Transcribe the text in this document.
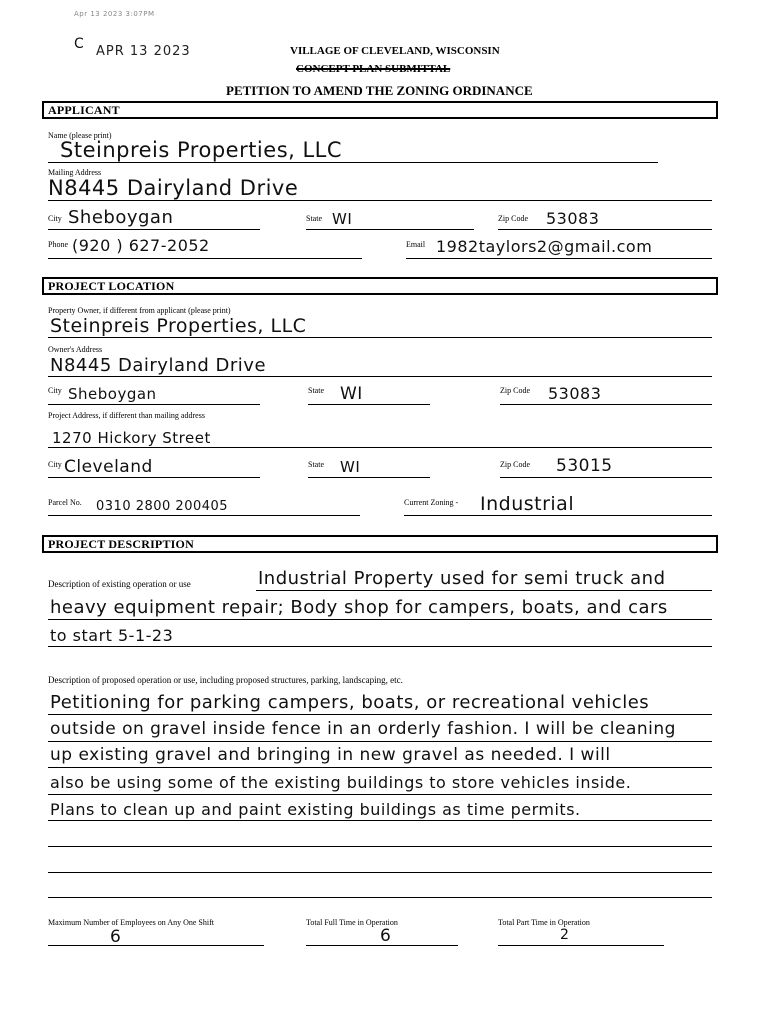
Apr 13 2023 3:07PM
C APR 13 2023	VILLAGE OF CLEVELAND, WISCONSIN
CONCEPT PLAN SUBMITTAL
PETITION TO AMEND THE ZONING ORDINANCE
APPLICANT
Name (please print)
Steinpreis Properties, LLC
Mailing Address
N8445 Dairyland Drive
City Sheboygan	State WI	Zip Code 53083
Phone (920 ) 627-2052	Email 1982taylors2@gmail.com
PROJECT LOCATION
Property Owner, if different from applicant (please print)
Steinpreis Properties, LLC
Owner's Address
N8445 Dairyland Drive
City Sheboygan	State WI	Zip Code 53083
Project Address, if different than mailing address
1270 Hickory Street
City Cleveland	State WI	Zip Code 53015
Parcel No. 0310 2800 200405	Current Zoning - Industrial
PROJECT DESCRIPTION
Description of existing operation or use	Industrial Property used for semi truck and
heavy equipment repair; Body shop for campers, boats, and cars
to start 5-1-23
Description of proposed operation or use, including proposed structures, parking, landscaping, etc.
Petitioning for parking campers, boats, or recreational vehicles
outside on gravel inside fence in an orderly fashion. I will be cleaning
up existing gravel and bringing in new gravel as needed. I will
also be using some of the existing buildings to store vehicles inside.
Plans to clean up and paint existing buildings as time permits.
Maximum Number of Employees on Any One Shift
6
Total Full Time in Operation
6
Total Part Time in Operation
2
